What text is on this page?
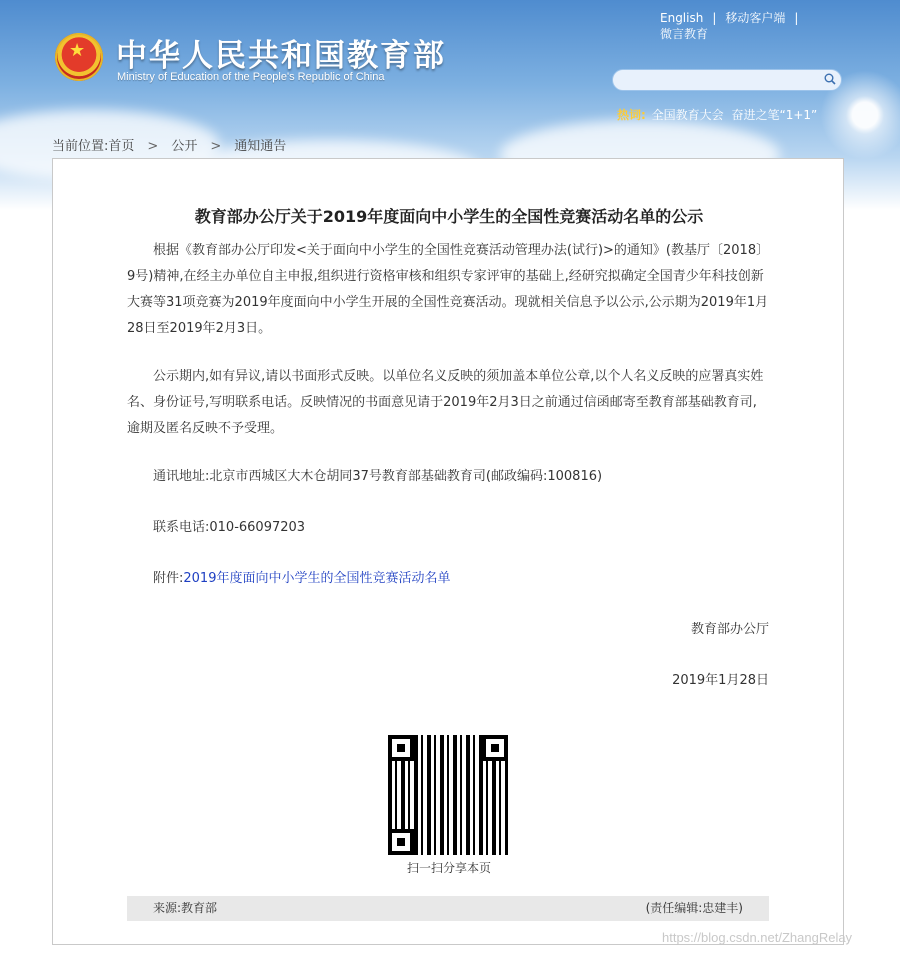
★ 中华人民共和国教育部
Ministry of Education of the People's Republic of China
English | 移动客户端 |
微言教育
热词: 全国教育大会 奋进之笔“1+1”
当前位置:首页 > 公开 > 通知通告
教育部办公厅关于2019年度面向中小学生的全国性竞赛活动名单的公示

根据《教育部办公厅印发<关于面向中小学生的全国性竞赛活动管理办法(试行)>的通知》(教基厅〔2018〕9号)精神,在经主办单位自主申报,组织进行资格审核和组织专家评审的基础上,经研究拟确定全国青少年科技创新大赛等31项竞赛为2019年度面向中小学生开展的全国性竞赛活动。现就相关信息予以公示,公示期为2019年1月28日至2019年2月3日。

公示期内,如有异议,请以书面形式反映。以单位名义反映的须加盖本单位公章,以个人名义反映的应署真实姓名、身份证号,写明联系电话。反映情况的书面意见请于2019年2月3日之前通过信函邮寄至教育部基础教育司,逾期及匿名反映不予受理。

通讯地址:北京市西城区大木仓胡同37号教育部基础教育司(邮政编码:100816)

联系电话:010-66097203

附件:2019年度面向中小学生的全国性竞赛活动名单

教育部办公厅

2019年1月28日

扫一扫分享本页
来源:教育部	(责任编辑:忠建丰)
https://blog.csdn.net/ZhangRelay
